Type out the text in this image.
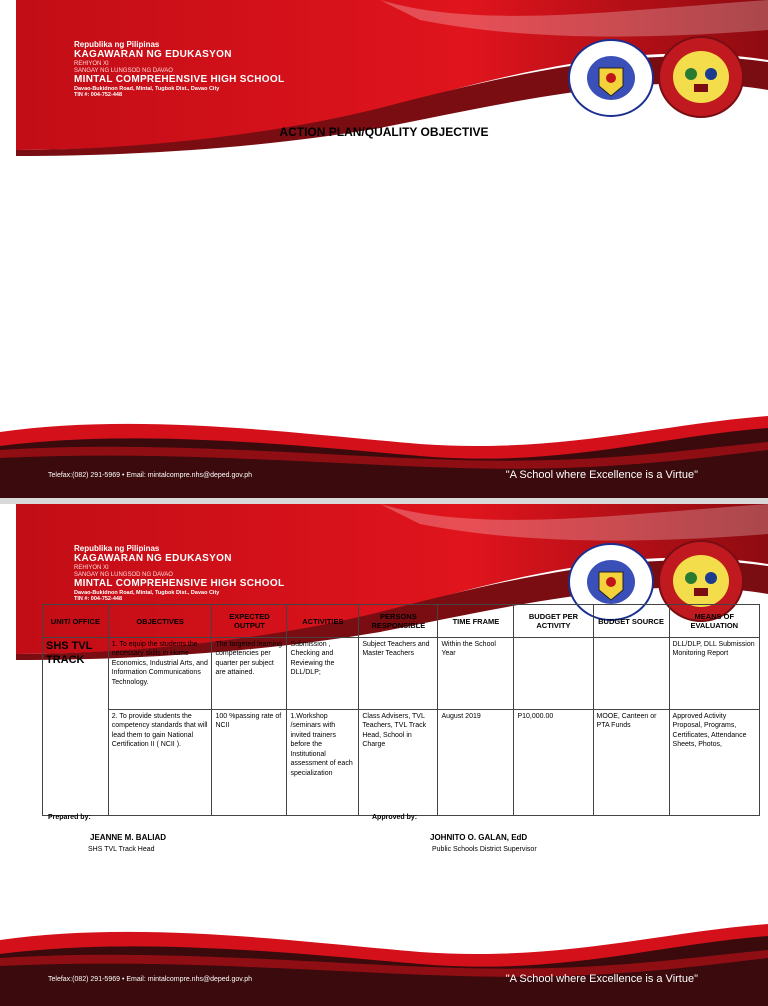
Republika ng Pilipinas
KAGAWARAN NG EDUKASYON
REHIYON XI
SANGAY NG LUNGSOD NG DAVAO
MINTAL COMPREHENSIVE HIGH SCHOOL
Davao-Bukidnon Road, Mintal, Tugbok Dist., Davao City
TIN #: 004-752-448
ACTION PLAN/QUALITY OBJECTIVE
Telefax:(082) 291-5969 • Email: mintalcompre.nhs@deped.gov.ph	"A School where Excellence is a Virtue"
Republika ng Pilipinas
KAGAWARAN NG EDUKASYON
REHIYON XI
SANGAY NG LUNGSOD NG DAVAO
MINTAL COMPREHENSIVE HIGH SCHOOL
Davao-Bukidnon Road, Mintal, Tugbok Dist., Davao City
TIN #: 004-752-448
UNIT/ OFFICE	OBJECTIVES	EXPECTED OUTPUT	ACTIVITIES	PERSONS RESPONSIBLE	TIME FRAME	BUDGET PER ACTIVITY	BUDGET SOURCE	MEANS OF EVALUATION
SHS TVL TRACK	1. To equip the students the necessary skills in Home Economics, Industrial Arts, and Information Communications Technology.	The targeted learning competencies per quarter per subject are attained.	Submission , Checking and Reviewing the DLL/DLP;	Subject Teachers and Master Teachers	Within the School Year			DLL/DLP, DLL Submission Monitoring Report
	2. To provide students the competency standards that will lead them to gain National Certification II ( NCII ).	100 %passing rate of NCII	1.Workshop /seminars with invited trainers before the Institutional assessment of each specialization	Class Advisers, TVL Teachers, TVL Track Head, School in Charge	August 2019	P10,000.00	MOOE, Canteen or PTA Funds	Approved Activity Proposal, Programs, Certificates, Attendance Sheets, Photos,
Prepared by:
JEANNE M. BALIAD
SHS TVL Track Head
Approved by:
JOHNITO O. GALAN, EdD
Public Schools District Supervisor
Telefax:(082) 291-5969 • Email: mintalcompre.nhs@deped.gov.ph	"A School where Excellence is a Virtue"
